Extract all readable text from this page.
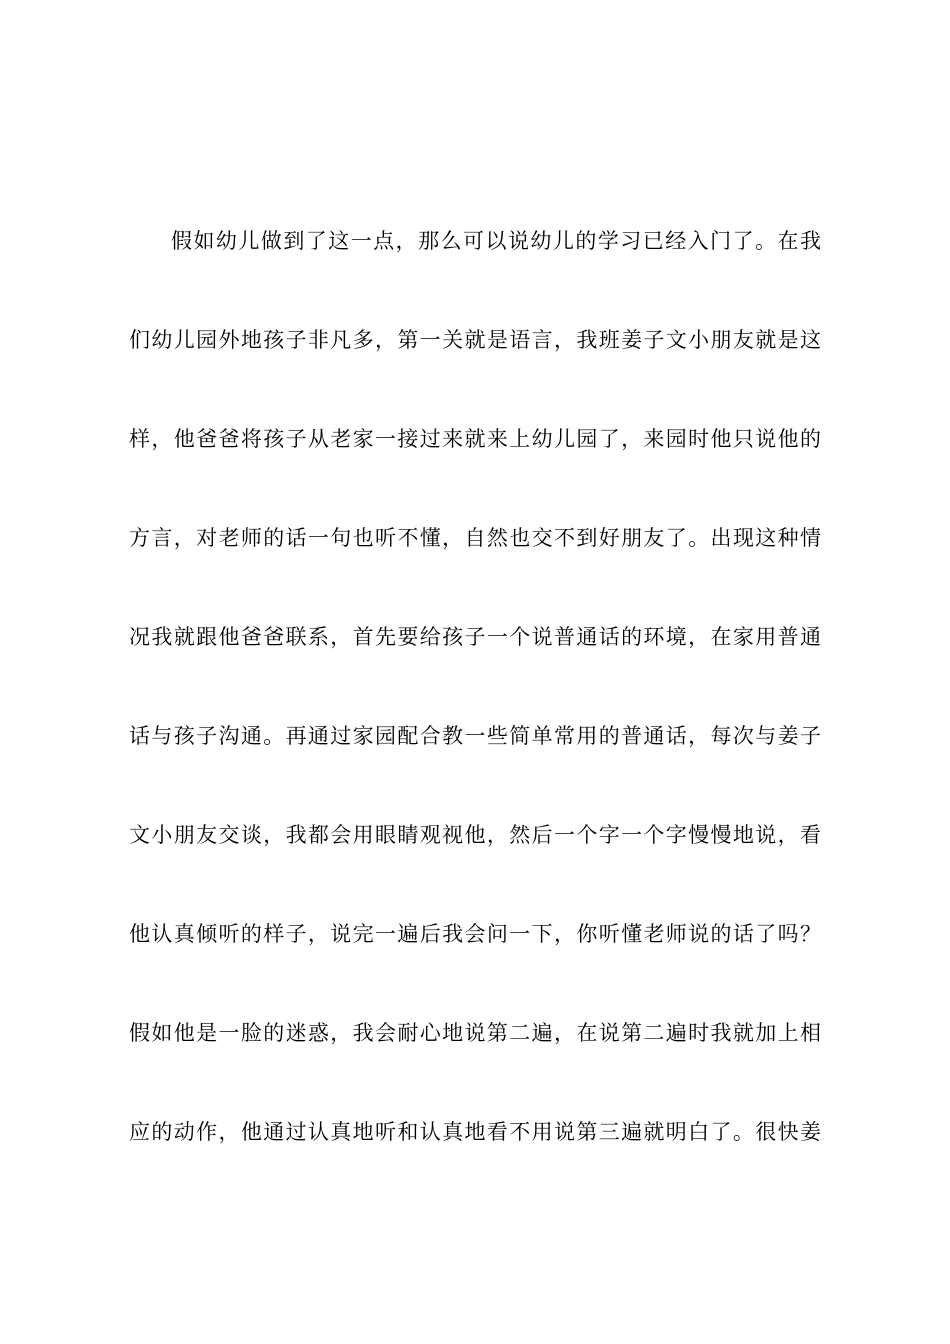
假如幼儿做到了这一点，那么可以说幼儿的学习已经入门了。在我
们幼儿园外地孩子非凡多，第一关就是语言，我班姜子文小朋友就是这
样，他爸爸将孩子从老家一接过来就来上幼儿园了，来园时他只说他的
方言，对老师的话一句也听不懂，自然也交不到好朋友了。出现这种情
况我就跟他爸爸联系，首先要给孩子一个说普通话的环境，在家用普通
话与孩子沟通。再通过家园配合教一些简单常用的普通话，每次与姜子
文小朋友交谈，我都会用眼睛观视他，然后一个字一个字慢慢地说，看
他认真倾听的样子，说完一遍后我会问一下，你听懂老师说的话了吗？
假如他是一脸的迷惑，我会耐心地说第二遍，在说第二遍时我就加上相
应的动作，他通过认真地听和认真地看不用说第三遍就明白了。很快姜
